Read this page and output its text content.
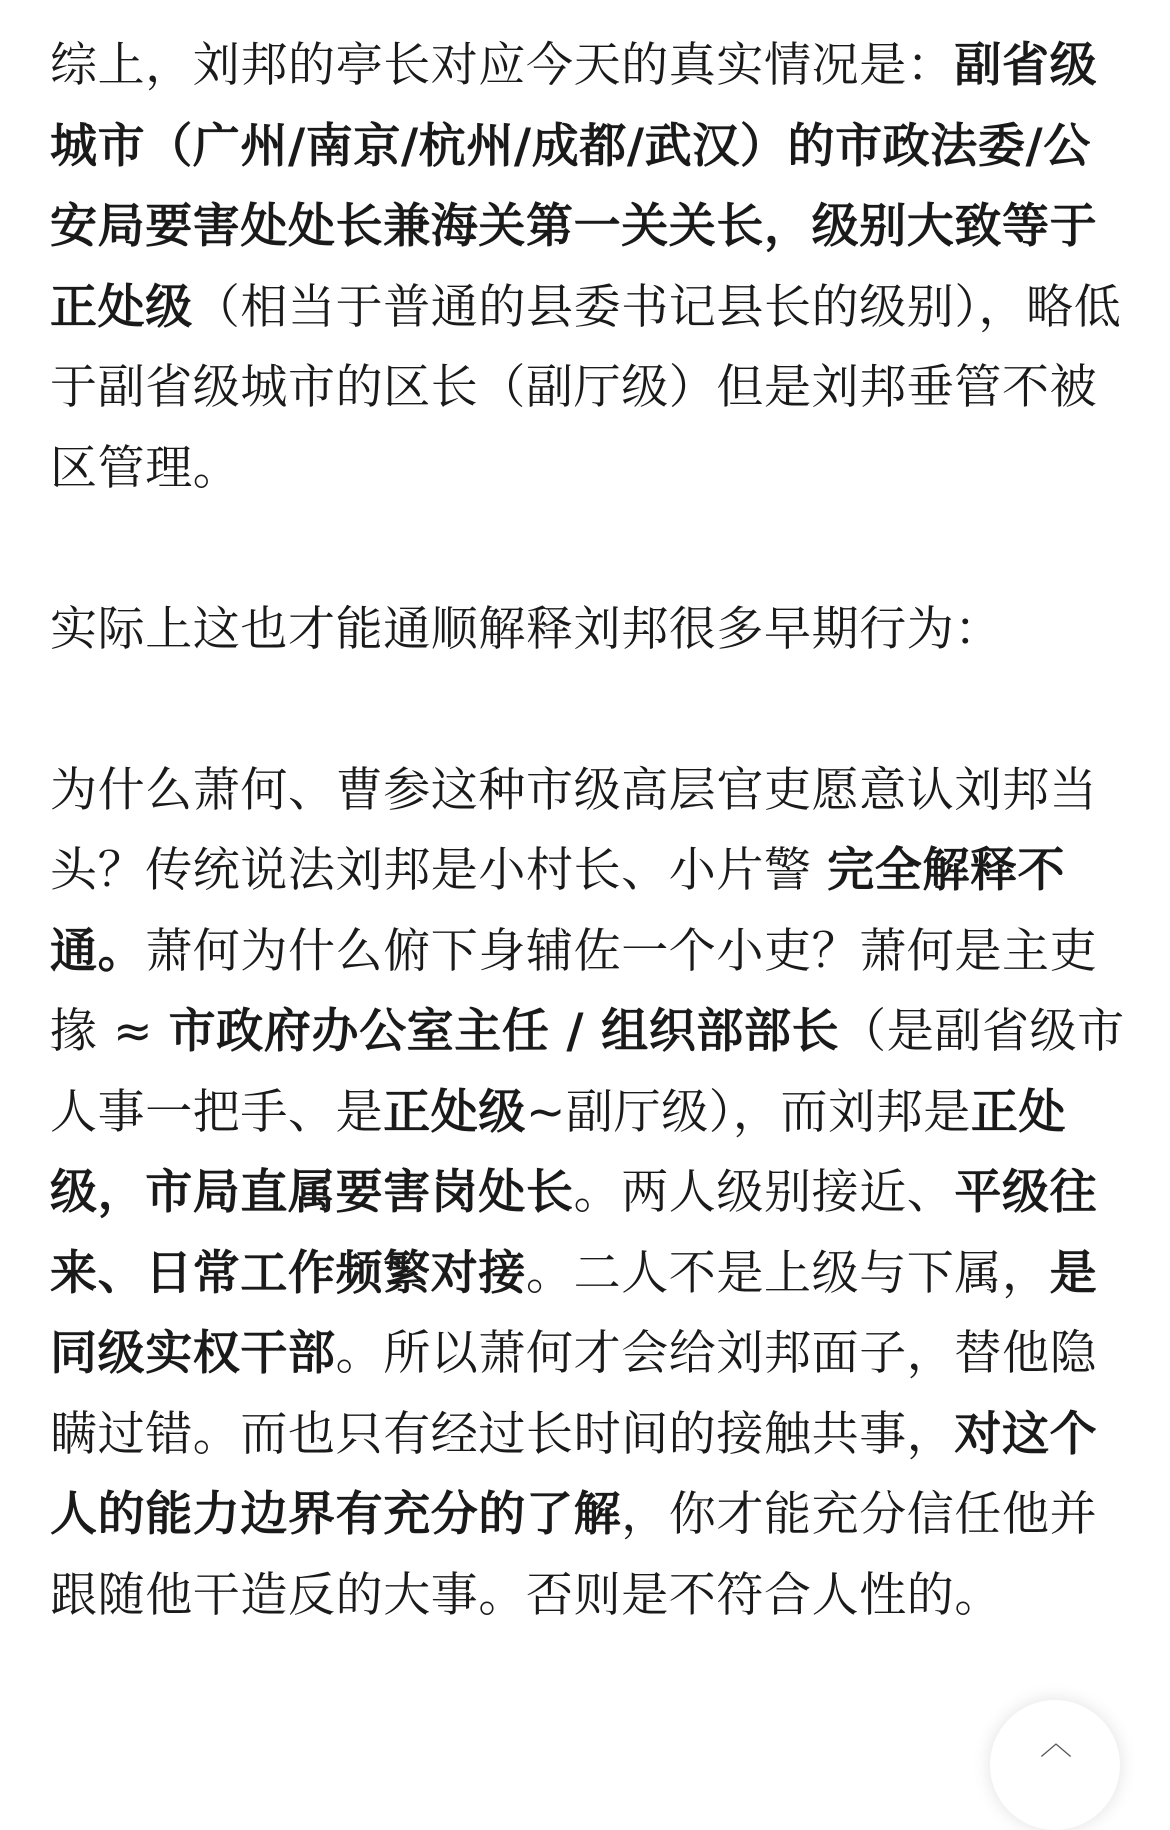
综上，刘邦的亭长对应今天的真实情况是：副省级城市（广州/南京/杭州/成都/武汉）的市政法委/公安局要害处处长兼海关第一关关长，级别大致等于正处级（相当于普通的县委书记县长的级别），略低于副省级城市的区长（副厅级）但是刘邦垂管不被区管理。

实际上这也才能通顺解释刘邦很多早期行为：

为什么萧何、曹参这种市级高层官吏愿意认刘邦当头？传统说法刘邦是小村长、小片警 完全解释不通。萧何为什么俯下身辅佐一个小吏？萧何是主吏掾 ≈ 市政府办公室主任 / 组织部部长（是副省级市人事一把手、是正处级~副厅级），而刘邦是正处级，市局直属要害岗处长。两人级别接近、平级往来、日常工作频繁对接。二人不是上级与下属，是同级实权干部。所以萧何才会给刘邦面子，替他隐瞒过错。而也只有经过长时间的接触共事，对这个人的能力边界有充分的了解，你才能充分信任他并跟随他干造反的大事。否则是不符合人性的。

︿
